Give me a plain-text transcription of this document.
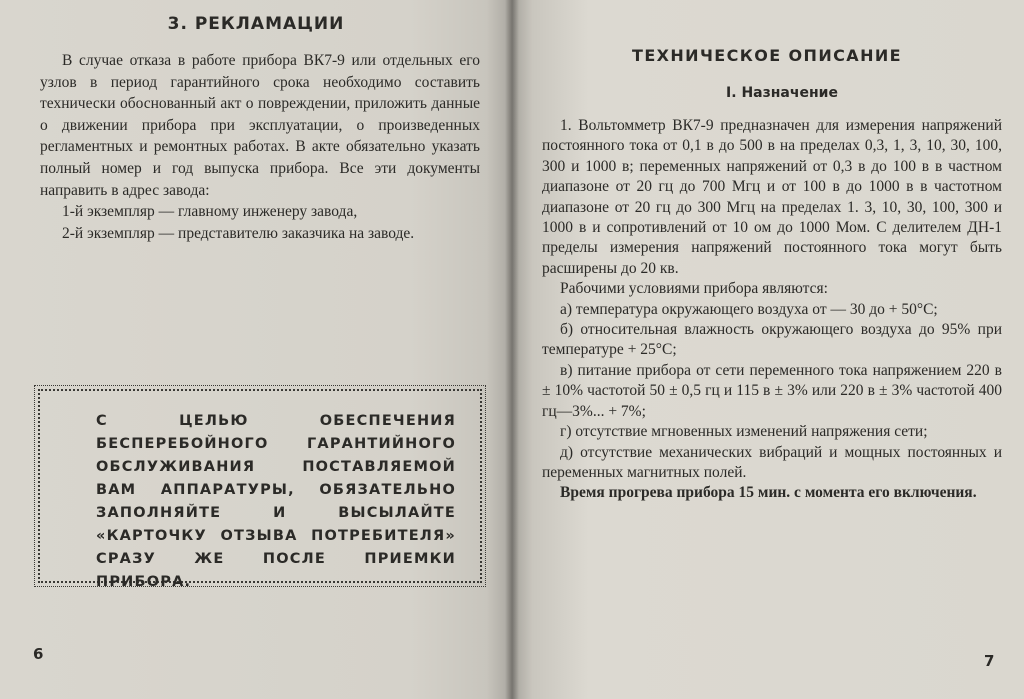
3. РЕКЛАМАЦИИ

В случае отказа в работе прибора ВК7-9 или отдельных его узлов в период гарантийного срока необходимо составить технически обоснованный акт о повреждении, приложить данные о движении прибора при эксплуатации, о произведенных регламентных и ремонтных работах. В акте обязательно указать полный номер и год выпуска прибора. Все эти документы направить в адрес завода:

1-й экземпляр — главному инженеру завода,

2-й экземпляр — представителю заказчика на заводе.

С ЦЕЛЬЮ ОБЕСПЕЧЕНИЯ БЕСПЕРЕБОЙНОГО ГАРАНТИЙНОГО ОБСЛУЖИВАНИЯ ПОСТАВЛЯЕМОЙ ВАМ АППАРАТУРЫ, ОБЯЗАТЕЛЬНО ЗАПОЛНЯЙТЕ И ВЫСЫЛАЙТЕ «КАРТОЧКУ ОТЗЫВА ПОТРЕБИТЕЛЯ» СРАЗУ ЖЕ ПОСЛЕ ПРИЕМКИ ПРИБОРА.
6
ТЕХНИЧЕСКОЕ ОПИСАНИЕ
I. Назначение

1. Вольтомметр ВК7-9 предназначен для измерения напряжений постоянного тока от 0,1 в до 500 в на пределах 0,3, 1, 3, 10, 30, 100, 300 и 1000 в; переменных напряжений от 0,3 в до 100 в в частном диапазоне от 20 гц до 700 Мгц и от 100 в до 1000 в в частотном диапазоне от 20 гц до 300 Мгц на пределах 1. 3, 10, 30, 100, 300 и 1000 в и сопротивлений от 10 ом до 1000 Мом. С делителем ДН-1 пределы измерения напряжений постоянного тока могут быть расширены до 20 кв.

Рабочими условиями прибора являются:

а) температура окружающего воздуха от — 30 до + 50°С;

б) относительная влажность окружающего воздуха до 95% при температуре + 25°С;

в) питание прибора от сети переменного тока напряжением 220 в ± 10% частотой 50 ± 0,5 гц и 115 в ± 3% или 220 в ± 3% частотой 400 гц—3%... + 7%;

г) отсутствие мгновенных изменений напряжения сети;

д) отсутствие механических вибраций и мощных постоянных и переменных магнитных полей.

Время прогрева прибора 15 мин. с момента его включения.

7
